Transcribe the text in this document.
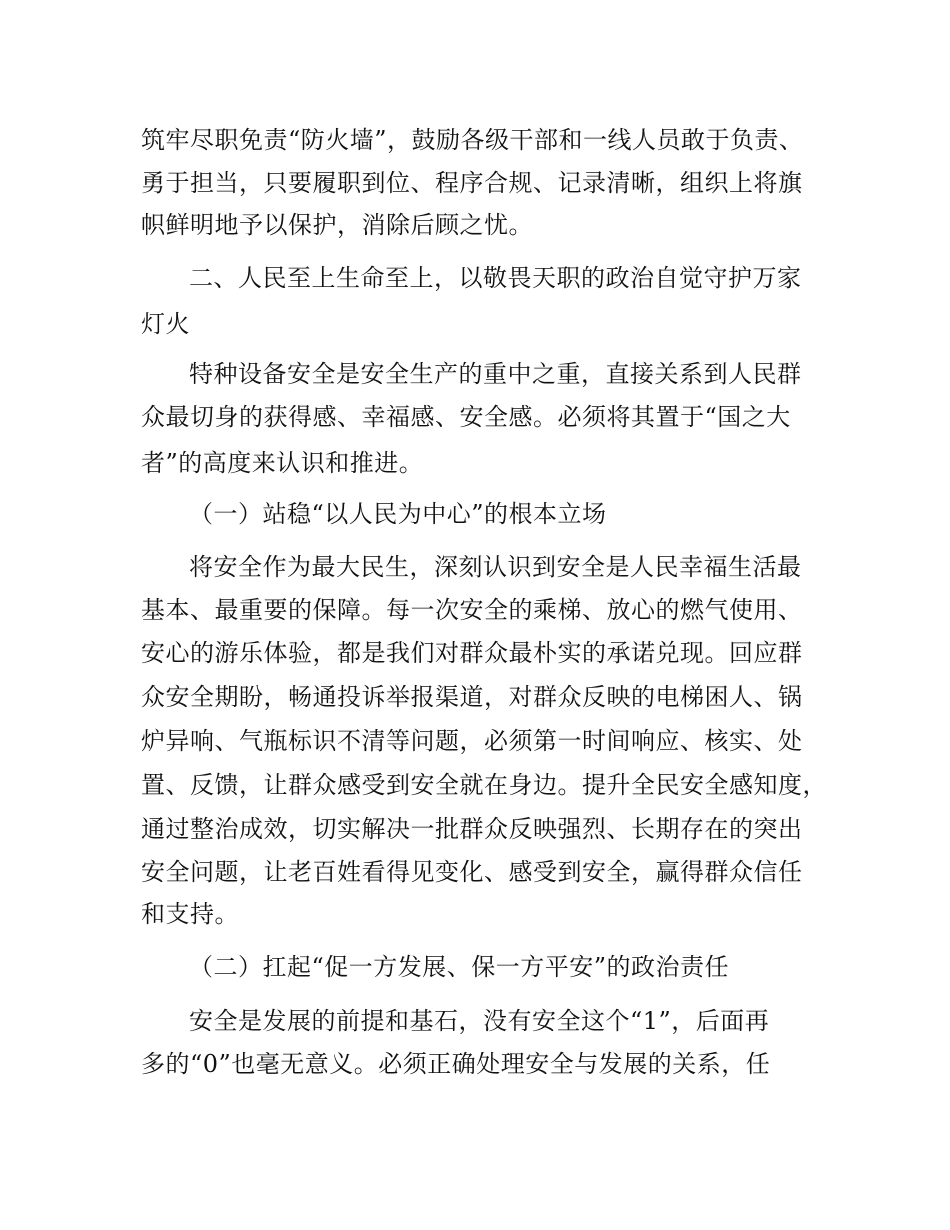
筑牢尽职免责“防火墙”，鼓励各级干部和一线人员敢于负责、
勇于担当，只要履职到位、程序合规、记录清晰，组织上将旗
帜鲜明地予以保护，消除后顾之忧。
二、人民至上生命至上，以敬畏天职的政治自觉守护万家
灯火
特种设备安全是安全生产的重中之重，直接关系到人民群
众最切身的获得感、幸福感、安全感。必须将其置于“国之大
者”的高度来认识和推进。
（一）站稳“以人民为中心”的根本立场
将安全作为最大民生，深刻认识到安全是人民幸福生活最
基本、最重要的保障。每一次安全的乘梯、放心的燃气使用、
安心的游乐体验，都是我们对群众最朴实的承诺兑现。回应群
众安全期盼，畅通投诉举报渠道，对群众反映的电梯困人、锅
炉异响、气瓶标识不清等问题，必须第一时间响应、核实、处
置、反馈，让群众感受到安全就在身边。提升全民安全感知度，
通过整治成效，切实解决一批群众反映强烈、长期存在的突出
安全问题，让老百姓看得见变化、感受到安全，赢得群众信任
和支持。
（二）扛起“促一方发展、保一方平安”的政治责任
安全是发展的前提和基石，没有安全这个“1”，后面再
多的“0”也毫无意义。必须正确处理安全与发展的关系，任
